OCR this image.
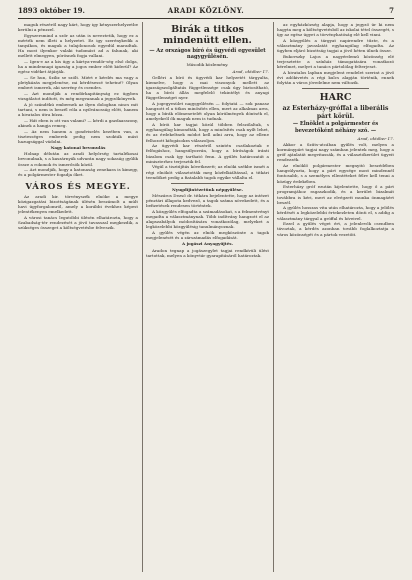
1893 október 19.	ARADI KÖZLÖNY.	7

maguk részéről nagy kárt, hogy igy kényszerhelyzetbe kerülni a pénzzel.

Egyszersmind a szőr az után is neveztetik, hogy ez a mérték nem illeti a helyzetet. Ez igy szerénykedik a tanyákon, és maguk a tulajdonosok egyedül maradtak. Ha most ilyenkor valaki tudomást ad a falunak, aki mellett elmegyen, pörösnek fogja vallani.

— Igen-e az a kis ügy a kártya-rendőr-ség első dolga, ha a mindennapi igazság a jogos ember előtt kiderül? Az egész vidéket átjárják.

— Se hun, Sziliz se szólt. Miért e kérdés ma vagy a pletykázás megjelenése, mi kérdésessé tehetné? Olyan embert ismerek, aki szerény és csendes.

— Azt mondják a rendőrkapitányság ez ügyben vizsgálatot indított, és még megvannak a jegyzőkönyvek.

A jó szándékú embernek az ilyen dologban nincs mit tartani, s nem is beszél róla a nyilvánosság előtt, hanem a hivatalos útra bízza.

— Hát eben is ott van valami? — kérdi a gazdaasszony, akinek a hangja remeg.

— Az nem hanem a gondviselés kezében van, a tisztességes emberek pedig nem szokták mást hazugsággal vádolni.

Nagy katonai bevonulás

Holnap délután az aradi helyőrség tartalékosai bevonulnak, s a kaszárnyák udvarán nagy sokaság gyűlik össze a rokonok és ismerősök közül.

— Azt mondják, hogy a katonaság zenekara is kimegy, és a polgármester fogadja őket.

VÁROS ÉS MEGYE.

Az aradi kir. törvényszék elnöke a megye közigazgatási bizottságának ülésén beszámolt a múlt havi ügyforgalomról, amely a korábbi évekhez képest jelentékenyen emelkedett.

A városi tanács legutóbbi ülésén elhatározta, hogy a Szabadság-tér rendezését a jövő tavasszal megkezdik, a szükséges összeget a költségvetésbe felveszik.

Birák a titkos mindenütt ellen.

— Az országos bíró és ügyvédi egyesület nagygyűlésén.

Második közlemény.

Arad, október 17.

Gelléri a bíró és ügyvédi kar helyzetét tárgyalta, kiemelve, hogy a mai viszonyok mellett az igazságszolgáltatás függetlensége csak úgy biztosítható, ha a bírói állás megfelelő tekintélyt és anyagi függetlenséget nyer.

A jogegyesület nagygyűlésén — folytatá — sok panasz hangzott el a titkos minősítés ellen, mert az alkalmas arra, hogy a bírák előmenetelét olyan körülmények döntsék el, amelyekről ők maguk nem is tudnak.

A bírói kar tagjai közül többen felszólaltak, s egyhangúlag kimondták, hogy a minősítés csak nyílt lehet, és az érdekeltnek módot kell adni arra, hogy az ellene felhozott kifogásokra válaszoljon.

Az ügyvédi kar részéről szintén csatlakoztak e felfogáshoz, hangsúlyozván, hogy a bíróságok iránti bizalom csak így tartható fenn. A gyűlés határozatát a miniszterhez terjesztik fel.

Végül a tisztújítás következett; az elnöki székbe ismét a régi elnököt választották meg közfelkiáltással, a titkári teendőket pedig a fiatalabb tagok egyike vállalta el.

Nyugdíjintézetünk népgyűlése.

Mészáros Dezső dr. titkára bejelentette, hogy az intézet pénztári állapota kedvező, a tagok száma növekedett, és a befizetések rendesen történtek.

A közgyűlés elfogadta a számadásokat, s a felmentvényt megadta a választmánynak. Több indítvány hangzott el az alapszabályok módosítására vonatkozólag, melyeket a legközelebbi közgyűlésig tanulmányoznak.

A gyűlés végén az elnök megköszönte a tagok megjelenését és a zárszámadás elfogadását.

A jogászi Anyagyűjtés.

Aradon tegnap a jogászegylet tagjai rendkívüli ülést tartottak, melyen a könyvtár gyarapításáról határoztak.

az egyházközség alapja, hogy a jegyző úr ki nem hagyta meg a költségvetésből az iskolai tétel összegét, s így az egész ügyet a törvényhatóság elé kell vinni.

A közgyűlés a tárgyat napirendre tűzte, és a választmány javaslatát egyhangúlag elfogadta. Az ügyben eljáró bizottság tagjai a jövő héten ülnek össze.

Bukovszky Lajos a nagyérdemű közönség elé terjesztette a színház támogatására vonatkozó kérelmet, melyet a tanács pártolólag felterjeszt.

A hivatalos lapban megjelent rendelet szerint a jövő évi adókivetés a régi kulcs alapján történik, ennek folytán a város jövedelme nem változik.

HARC

az Esterházy-gróffal a liberális párt körül.

— Elnöklet a polgármester és bevezetőként néhány szó. —

Arad, október 17.

Akkor a Szűts-utcában gyűlés volt, melyen a kormánypárt tagjai nagy számban jelentek meg, hogy a gróf ajánlatát megvitassák, és a választókerület ügyeit rendezzék.

Az elnöklő polgármester megnyitó beszédében hangsúlyozta, hogy a párt egysége most mindennél fontosabb, s a személyes ellentéteket félre kell tenni a közügy érdekében.

Esterházy gróf ezután kijelentette, hogy ő a párt programjához ragaszkodik, és a kerület bizalmát továbbra is kéri, mert az elvégzett munka önmagáért beszél.

A gyűlés hosszas vita után elhatározta, hogy a jelölés kérdését a legközelebbi értekezleten dönti el, s addig a választmány tárgyal a gróffal és híveivel.

Ezzel a gyűlés véget ért, a jelenlevők csendben távoztak, a kérdés azonban tovább foglalkoztatja a város közönségét és a pártok vezetőit.
